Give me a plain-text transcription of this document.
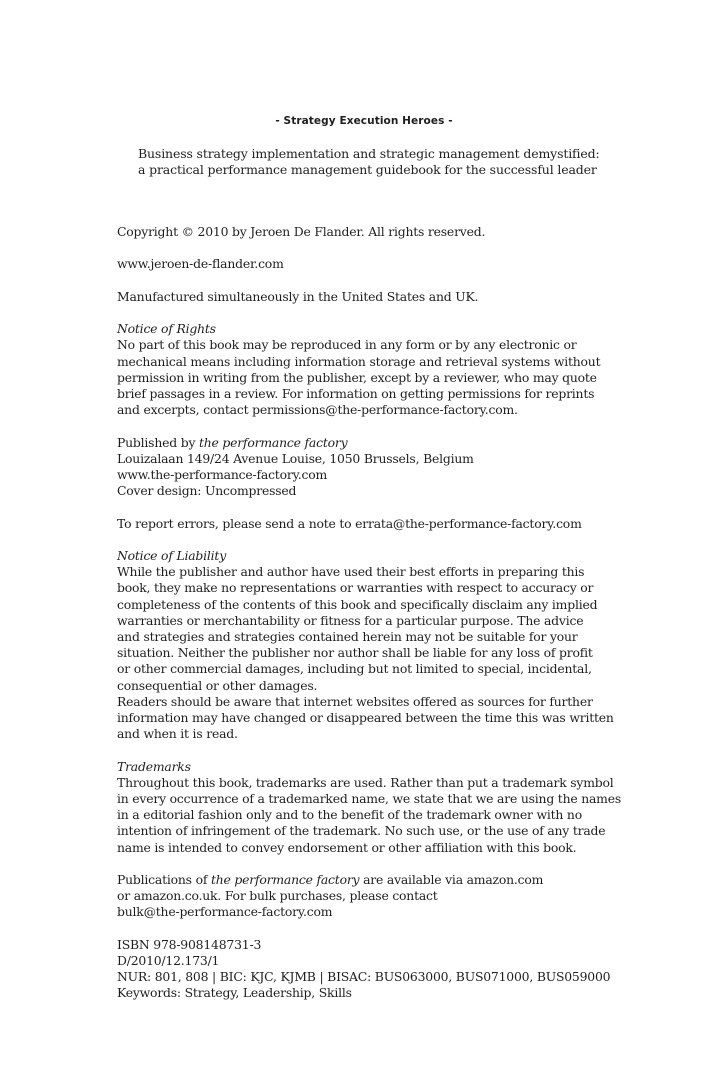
- Strategy Execution Heroes -
Business strategy implementation and strategic management demystified:
a practical performance management guidebook for the successful leader
Copyright © 2010 by Jeroen De Flander. All rights reserved.
www.jeroen-de-flander.com
Manufactured simultaneously in the United States and UK.
Notice of Rights
No part of this book may be reproduced in any form or by any electronic or
mechanical means including information storage and retrieval systems without
permission in writing from the publisher, except by a reviewer, who may quote
brief passages in a review. For information on getting permissions for reprints
and excerpts, contact permissions@the-performance-factory.com.
Published by the performance factory
Louizalaan 149/24 Avenue Louise, 1050 Brussels, Belgium
www.the-performance-factory.com
Cover design: Uncompressed
To report errors, please send a note to errata@the-performance-factory.com
Notice of Liability
While the publisher and author have used their best efforts in preparing this
book, they make no representations or warranties with respect to accuracy or
completeness of the contents of this book and specifically disclaim any implied
warranties or merchantability or fitness for a particular purpose. The advice
and strategies and strategies contained herein may not be suitable for your
situation. Neither the publisher nor author shall be liable for any loss of profit
or other commercial damages, including but not limited to special, incidental,
consequential or other damages.
Readers should be aware that internet websites offered as sources for further
information may have changed or disappeared between the time this was written
and when it is read.
Trademarks
Throughout this book, trademarks are used. Rather than put a trademark symbol
in every occurrence of a trademarked name, we state that we are using the names
in a editorial fashion only and to the benefit of the trademark owner with no
intention of infringement of the trademark. No such use, or the use of any trade
name is intended to convey endorsement or other affiliation with this book.
Publications of the performance factory are available via amazon.com
or amazon.co.uk. For bulk purchases, please contact
bulk@the-performance-factory.com
ISBN 978-908148731-3
D/2010/12.173/1
NUR: 801, 808 | BIC: KJC, KJMB | BISAC: BUS063000, BUS071000, BUS059000
Keywords: Strategy, Leadership, Skills
